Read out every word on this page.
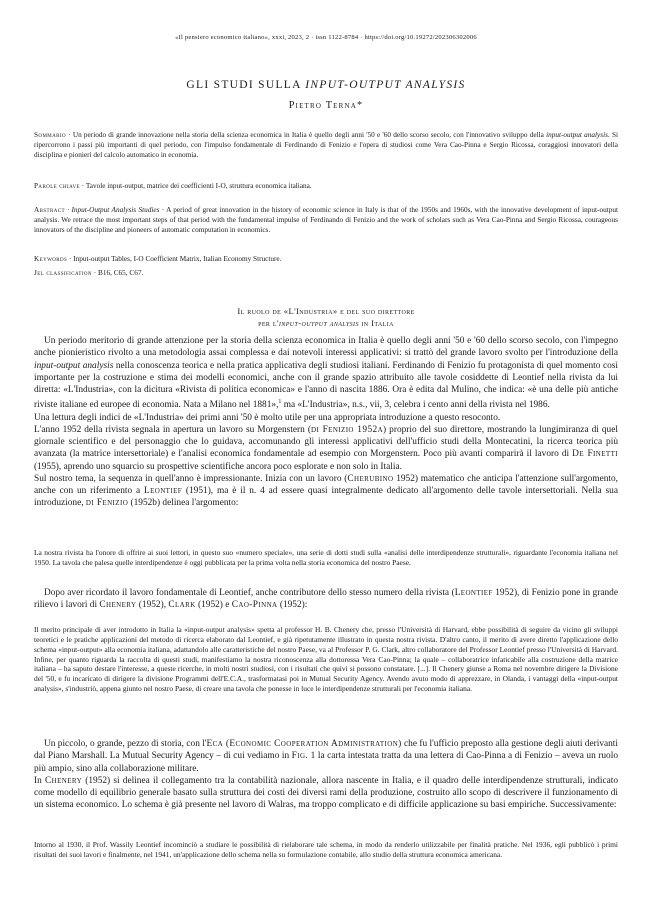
«Il pensiero economico italiano», xxxi, 2023, 2 · issn 1122-8784 · https://doi.org/10.19272/202306302006
GLI STUDI SULLA INPUT-OUTPUT ANALYSIS
Pietro Terna*
Sommario · Un periodo di grande innovazione nella storia della scienza economica in Italia è quello degli anni '50 e '60 dello scorso secolo, con l'innovativo sviluppo della input-output analysis. Si ripercorrono i passi più importanti di quel periodo, con l'impulso fondamentale di Ferdinando di Fenizio e l'opera di studiosi come Vera Cao-Pinna e Sergio Ricossa, coraggiosi innovatori della disciplina e pionieri del calcolo automatico in economia.
Parole chiave · Tavole input-output, matrice dei coefficienti I-O, struttura economica italiana.
Abstract · Input-Output Analysis Studies · A period of great innovation in the history of economic science in Italy is that of the 1950s and 1960s, with the innovative development of input-output analysis. We retrace the most important steps of that period with the fundamental impulse of Ferdinando di Fenizio and the work of scholars such as Vera Cao-Pinna and Sergio Ricossa, courageous innovators of the discipline and pioneers of automatic computation in economics.
Keywords · Input-output Tables, I-O Coefficient Matrix, Italian Economy Structure.
Jel classification · B16, C65, C67.
Il ruolo de «L'Industria» e del suo direttore
per l'input-output analysis in Italia

Un periodo meritorio di grande attenzione per la storia della scienza economica in Italia è quello degli anni '50 e '60 dello scorso secolo, con l'impegno anche pionieristico rivolto a una metodologia assai complessa e dai notevoli interessi applicativi: si trattò del grande lavoro svolto per l'introduzione della input-output analysis nella conoscenza teorica e nella pratica applicativa degli studiosi italiani. Ferdinando di Fenizio fu protagonista di quel momento così importante per la costruzione e stima dei modelli economici, anche con il grande spazio attribuito alle tavole cosiddette di Leontief nella rivista da lui diretta: «L'Industria», con la dicitura «Rivista di politica economica» e l'anno di nascita 1886. Ora è edita dal Mulino, che indica: «è una delle più antiche riviste italiane ed europee di economia. Nata a Milano nel 1881»,$^1$ ma «L'Industria», n.s., vii, 3, celebra i cento anni della rivista nel 1986.

Una lettura degli indici de «L'Industria» dei primi anni '50 è molto utile per una appropriata introduzione a questo resoconto.

L'anno 1952 della rivista segnala in apertura un lavoro su Morgenstern (di Fenizio 1952a) proprio del suo direttore, mostrando la lungimiranza di quel giornale scientifico e del personaggio che lo guidava, accomunando gli interessi applicativi dell'ufficio studi della Montecatini, la ricerca teorica più avanzata (la matrice intersettoriale) e l'analisi economica fondamentale ad esempio con Morgenstern. Poco più avanti comparirà il lavoro di De Finetti (1955), aprendo uno squarcio su prospettive scientifiche ancora poco esplorate e non solo in Italia.

Sul nostro tema, la sequenza in quell'anno è impressionante. Inizia con un lavoro (Cherubino 1952) matematico che anticipa l'attenzione sull'argomento, anche con un riferimento a Leontief (1951), ma è il n. 4 ad essere quasi integralmente dedicato all'argomento delle tavole intersettoriali. Nella sua introduzione, di Fenizio (1952b) delinea l'argomento:

La nostra rivista ha l'onore di offrire ai suoi lettori, in questo suo «numero speciale», una serie di dotti studi sulla «analisi delle interdipendenze strutturali», riguardante l'economia italiana nel 1950. La tavola che palesa quelle interdipendenze è oggi pubblicata per la prima volta nella storia economica del nostro Paese.

Dopo aver ricordato il lavoro fondamentale di Leontief, anche contributore dello stesso numero della rivista (Leontief 1952), di Fenizio pone in grande rilievo i lavori di Chenery (1952), Clark (1952) e Cao-Pinna (1952):

Il merito principale di aver introdotto in Italia la «input-output analysis» spetta al professor H. B. Chenery che, presso l'Università di Harvard, ebbe possibilità di seguire da vicino gli sviluppi teoretici e le pratiche applicazioni del metodo di ricerca elaborato dal Leontief, e già ripetutamente illustrato in questa nostra rivista. D'altro canto, il merito di avere diretto l'applicazione dello schema «input-output» alla economia italiana, adattandolo alle caratteristiche del nostro Paese, va al Professor P. G. Clark, altro collaboratore del Professor Leontief presso l'Università di Harvard. Infine, per quanto riguarda la raccolta di questi studi, manifestiamo la nostra riconoscenza alla dottoressa Vera Cao-Pinna; la quale – collaboratrice infaticabile alla costruzione della matrice italiana – ha saputo destare l'interesse, a queste ricerche, in molti nostri studiosi, con i risultati che quivi si possono constatare. [...]. Il Chenery giunse a Roma nel novembre dirigere la Divisione del '50, e fu incaricato di dirigere la divisione Programmi dell'E.C.A., trasformatasi poi in Mutual Security Agency. Avendo avuto modo di apprezzare, in Olanda, i vantaggi della «input-output analysis», s'industriò, appena giunto nel nostro Paese, di creare una tavola che ponesse in luce le interdipendenze strutturali per l'economia italiana.

Un piccolo, o grande, pezzo di storia, con l'Eca (Economic Cooperation Administration) che fu l'ufficio preposto alla gestione degli aiuti derivanti dal Piano Marshall. La Mutual Security Agency – di cui vediamo in Fig. 1 la carta intestata tratta da una lettera di Cao-Pinna a di Fenizio – aveva un ruolo più ampio, sino alla collaborazione militare.

In Chenery (1952) si delinea il collegamento tra la contabilità nazionale, allora nascente in Italia, e il quadro delle interdipendenze strutturali, indicato come modello di equilibrio generale basato sulla struttura dei costi dei diversi rami della produzione, costruito allo scopo di descrivere il funzionamento di un sistema economico. Lo schema è già presente nel lavoro di Walras, ma troppo complicato e di difficile applicazione su basi empiriche. Successivamente:

Intorno al 1930, il Prof. Wassily Leontief incominciò a studiare le possibilità di rielaborare tale schema, in modo da renderlo utilizzabile per finalità pratiche. Nel 1936, egli pubblicò i primi risultati dei suoi lavori e finalmente, nel 1941, un'applicazione dello schema nella su formulazione contabile, allo studio della struttura economica americana.
